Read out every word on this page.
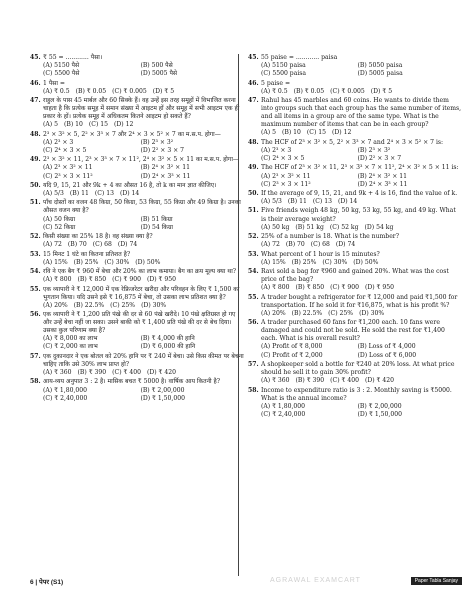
45. ₹ 55 = ............ पैसा।
(A) 5150 पैसे	(B) 500 पैसे
(C) 5500 पैसे	(D) 5005 पैसे
46. 1 पैसा =
(A) ₹ 0.5 (B) ₹ 0.05 (C) ₹ 0.005 (D) ₹ 5
47. राहुल के पास 45 मार्बल और 60 सिक्के हैं। वह उन्हें इस तरह समूहों में विभाजित करना चाहता है कि प्रत्येक समूह में समान संख्या में आइटम हों और समूह में सभी आइटम एक ही प्रकार के हों। प्रत्येक समूह में अधिकतम कितने आइटम हो सकते हैं?
(A) 5 (B) 10 (C) 15 (D) 12
48. 2³ × 3² × 5, 2² × 3³ × 7 और 2⁴ × 3 × 5² × 7 का म.स.प. होगा—
(A) 2³ × 3	(B) 2³ × 3²
(C) 2⁴ × 3 × 5	(D) 2² × 3 × 7
49. 2³ × 3² × 11, 2³ × 3³ × 7 × 11², 2⁴ × 3² × 5 × 11 का म.स.प. होगा—
(A) 2³ × 3² × 11	(B) 2⁴ × 3² × 11
(C) 2³ × 3 × 11²	(D) 2⁴ × 3³ × 11
50. यदि 9, 15, 21 और 9k + 4 का औसत 16 है, तो k का मान ज्ञात कीजिए।
(A) 5/3 (B) 11 (C) 13 (D) 14
51. पाँच दोस्तों का वजन 48 किग्रा, 50 किग्रा, 53 किग्रा, 55 किग्रा और 49 किग्रा है। उनका औसत वजन क्या है?
(A) 50 किग्रा	(B) 51 किग्रा
(C) 52 किग्रा	(D) 54 किग्रा
52. किसी संख्या का 25% 18 है। वह संख्या क्या है?
(A) 72 (B) 70 (C) 68 (D) 74
53. 15 मिनट 1 घंटे का कितना प्रतिशत है?
(A) 15% (B) 25% (C) 30% (D) 50%
54. रवि ने एक बैग ₹ 960 में बेचा और 20% का लाभ कमाया। बैग का क्रय मूल्य क्या था?
(A) ₹ 800 (B) ₹ 850 (C) ₹ 900 (D) ₹ 950
55. एक व्यापारी ने ₹ 12,000 में एक रेफ्रिजरेटर खरीदा और परिवहन के लिए ₹ 1,500 का भुगतान किया। यदि उसने इसे ₹ 16,875 में बेचा, तो उसका लाभ प्रतिशत क्या है?
(A) 20% (B) 22.5% (C) 25% (D) 30%
56. एक व्यापारी ने ₹ 1,200 प्रति पंखे की दर से 60 पंखे खरीदे। 10 पंखे क्षतिग्रस्त हो गए और उन्हें बेचा नहीं जा सका। उसने बाकी को ₹ 1,400 प्रति पंखे की दर से बेच दिया। उसका कुल परिणाम क्या है?
(A) ₹ 8,000 का लाभ	(B) ₹ 4,000 की हानि
(C) ₹ 2,000 का लाभ	(D) ₹ 6,000 की हानि
57. एक दुकानदार ने एक बोतल को 20% हानि पर ₹ 240 में बेचा। उसे किस कीमत पर बेचना चाहिए ताकि उसे 30% लाभ प्राप्त हो?
(A) ₹ 360 (B) ₹ 390 (C) ₹ 400 (D) ₹ 420
58. आय-व्यय अनुपात 3 : 2 है। मासिक बचत ₹ 5000 है। वार्षिक आय कितनी है?
(A) ₹ 1,80,000	(B) ₹ 2,00,000
(C) ₹ 2,40,000	(D) ₹ 1,50,000
45. 55 paise = ............ paisa
(A) 5150 paisa	(B) 5050 paisa
(C) 5500 paisa	(D) 5005 paisa
46. 5 paise =
(A) ₹ 0.5 (B) ₹ 0.05 (C) ₹ 0.005 (D) ₹ 5
47. Rahul has 45 marbles and 60 coins. He wants to divide them into groups such that each group has the same number of items, and all items in a group are of the same type. What is the maximum number of items that can be in each group?
(A) 5 (B) 10 (C) 15 (D) 12
48. The HCF of 2³ × 3² × 5, 2² × 3³ × 7 and 2⁴ × 3 × 5² × 7 is:
(A) 2³ × 3	(B) 2³ × 3²
(C) 2⁴ × 3 × 5	(D) 2² × 3 × 7
49. The HCF of 2³ × 3² × 11, 2³ × 3³ × 7 × 11², 2⁴ × 3² × 5 × 11 is:
(A) 2³ × 3² × 11	(B) 2⁴ × 3² × 11
(C) 2³ × 3 × 11²	(D) 2⁴ × 3³ × 11
50. If the average of 9, 15, 21, and 9k + 4 is 16, find the value of k.
(A) 5/3 (B) 11 (C) 13 (D) 14
51. Five friends weigh 48 kg, 50 kg, 53 kg, 55 kg, and 49 kg. What is their average weight?
(A) 50 kg (B) 51 kg (C) 52 kg (D) 54 kg
52. 25% of a number is 18. What is the number?
(A) 72 (B) 70 (C) 68 (D) 74
53. What percent of 1 hour is 15 minutes?
(A) 15% (B) 25% (C) 30% (D) 50%
54. Ravi sold a bag for ₹960 and gained 20%. What was the cost price of the bag?
(A) ₹ 800 (B) ₹ 850 (C) ₹ 900 (D) ₹ 950
55. A trader bought a refrigerator for ₹ 12,000 and paid ₹1,500 for transportation. If he sold it for ₹16,875, what is his profit %?
(A) 20% (B) 22.5% (C) 25% (D) 30%
56. A trader purchased 60 fans for ₹1,200 each. 10 fans were damaged and could not be sold. He sold the rest for ₹1,400 each. What is his overall result?
(A) Profit of ₹ 8,000	(B) Loss of ₹ 4,000
(C) Profit of ₹ 2,000	(D) Loss of ₹ 6,000
57. A shopkeeper sold a bottle for ₹240 at 20% loss. At what price should he sell it to gain 30% profit?
(A) ₹ 360 (B) ₹ 390 (C) ₹ 400 (D) ₹ 420
58. Income to expenditure ratio is 3 : 2. Monthly saving is ₹5000. What is the annual income?
(A) ₹ 1,80,000	(B) ₹ 2,00,000
(C) ₹ 2,40,000	(D) ₹ 1,50,000
6 | पेपर (S1)	AGRAWAL EXAMCART	Paper Tabla Sanjay
